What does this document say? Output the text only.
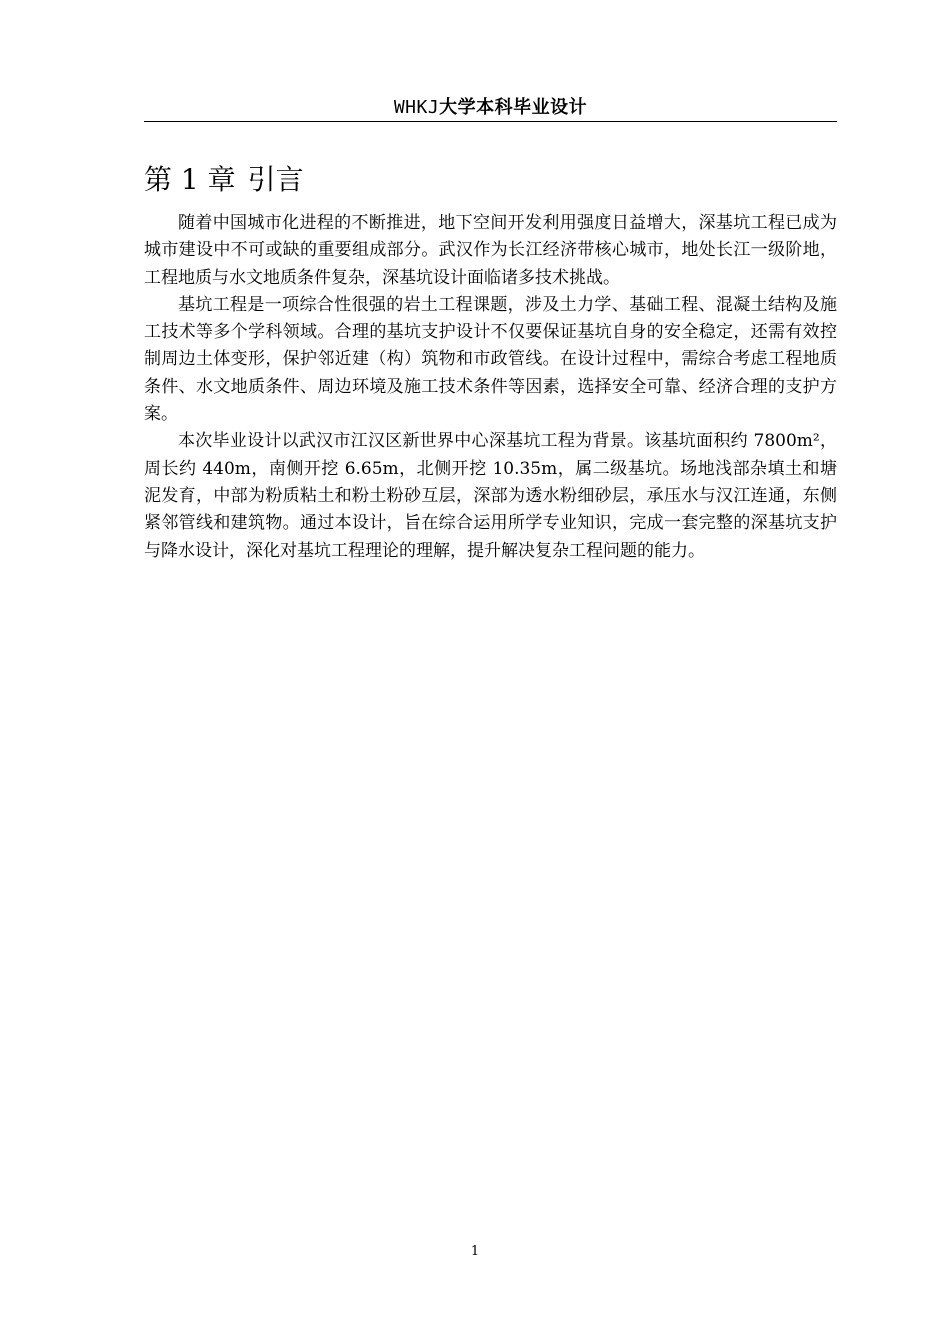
WHKJ大学本科毕业设计
第 1 章 引言

随着中国城市化进程的不断推进，地下空间开发利用强度日益增大，深基坑工程已成为城市建设中不可或缺的重要组成部分。武汉作为长江经济带核心城市，地处长江一级阶地，工程地质与水文地质条件复杂，深基坑设计面临诸多技术挑战。

基坑工程是一项综合性很强的岩土工程课题，涉及土力学、基础工程、混凝土结构及施工技术等多个学科领域。合理的基坑支护设计不仅要保证基坑自身的安全稳定，还需有效控制周边土体变形，保护邻近建（构）筑物和市政管线。在设计过程中，需综合考虑工程地质条件、水文地质条件、周边环境及施工技术条件等因素，选择安全可靠、经济合理的支护方案。

本次毕业设计以武汉市江汉区新世界中心深基坑工程为背景。该基坑面积约 7800m²，周长约 440m，南侧开挖 6.65m，北侧开挖 10.35m，属二级基坑。场地浅部杂填土和塘泥发育，中部为粉质粘土和粉土粉砂互层，深部为透水粉细砂层，承压水与汉江连通，东侧紧邻管线和建筑物。通过本设计，旨在综合运用所学专业知识，完成一套完整的深基坑支护与降水设计，深化对基坑工程理论的理解，提升解决复杂工程问题的能力。

1
